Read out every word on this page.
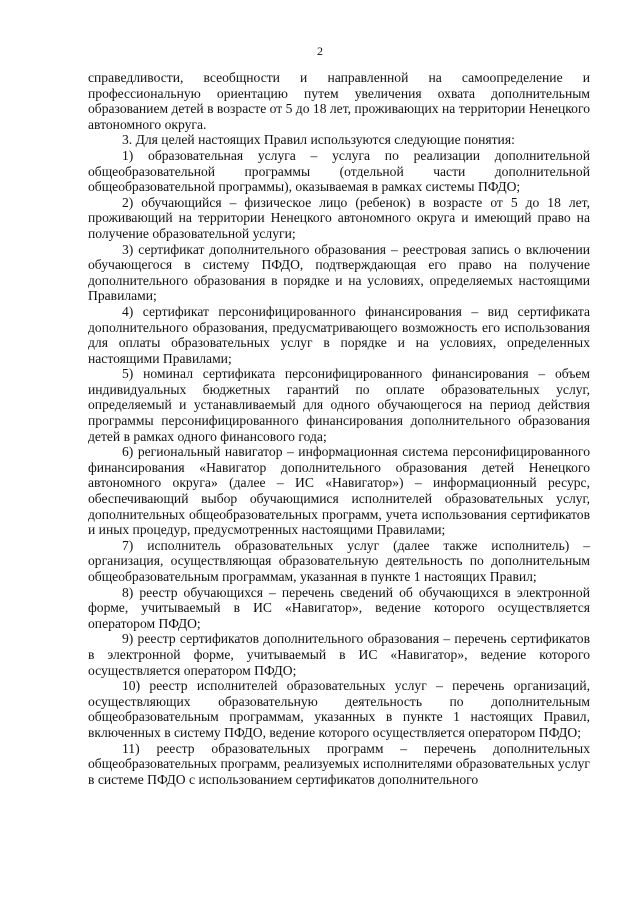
2

справедливости, всеобщности и направленной на самоопределение и профессиональную ориентацию путем увеличения охвата дополнительным образованием детей в возрасте от 5 до 18 лет, проживающих на территории Ненецкого автономного округа.

3. Для целей настоящих Правил используются следующие понятия:

1) образовательная услуга – услуга по реализации дополнительной общеобразовательной программы (отдельной части дополнительной общеобразовательной программы), оказываемая в рамках системы ПФДО;

2) обучающийся – физическое лицо (ребенок) в возрасте от 5 до 18 лет, проживающий на территории Ненецкого автономного округа и имеющий право на получение образовательной услуги;

3) сертификат дополнительного образования – реестровая запись о включении обучающегося в систему ПФДО, подтверждающая его право на получение дополнительного образования в порядке и на условиях, определяемых настоящими Правилами;

4) сертификат персонифицированного финансирования – вид сертификата дополнительного образования, предусматривающего возможность его использования для оплаты образовательных услуг в порядке и на условиях, определенных настоящими Правилами;

5) номинал сертификата персонифицированного финансирования – объем индивидуальных бюджетных гарантий по оплате образовательных услуг, определяемый и устанавливаемый для одного обучающегося на период действия программы персонифицированного финансирования дополнительного образования детей в рамках одного финансового года;

6) региональный навигатор – информационная система персонифицированного финансирования «Навигатор дополнительного образования детей Ненецкого автономного округа» (далее – ИС «Навигатор») – информационный ресурс, обеспечивающий выбор обучающимися исполнителей образовательных услуг, дополнительных общеобразовательных программ, учета использования сертификатов и иных процедур, предусмотренных настоящими Правилами;

7) исполнитель образовательных услуг (далее также исполнитель) – организация, осуществляющая образовательную деятельность по дополнительным общеобразовательным программам, указанная в пункте 1 настоящих Правил;

8) реестр обучающихся – перечень сведений об обучающихся в электронной форме, учитываемый в ИС «Навигатор», ведение которого осуществляется оператором ПФДО;

9) реестр сертификатов дополнительного образования – перечень сертификатов в электронной форме, учитываемый в ИС «Навигатор», ведение которого осуществляется оператором ПФДО;

10) реестр исполнителей образовательных услуг – перечень организаций, осуществляющих образовательную деятельность по дополнительным общеобразовательным программам, указанных в пункте 1 настоящих Правил, включенных в систему ПФДО, ведение которого осуществляется оператором ПФДО;

11) реестр образовательных программ – перечень дополнительных общеобразовательных программ, реализуемых исполнителями образовательных услуг в системе ПФДО с использованием сертификатов дополнительного
